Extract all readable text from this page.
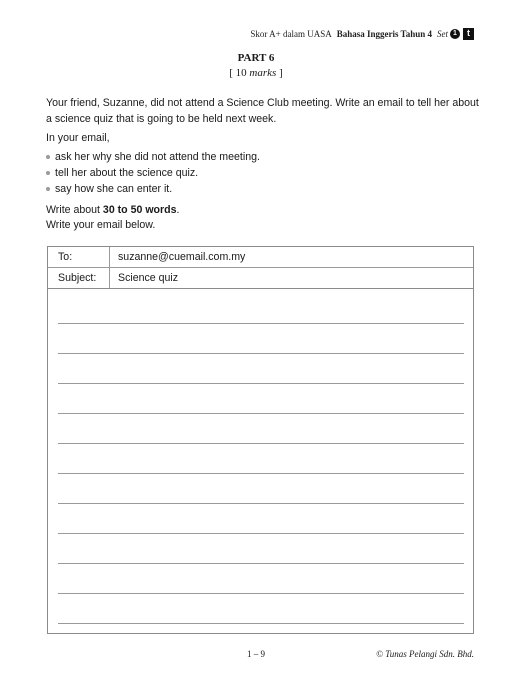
Skor A+ dalam UASA Bahasa Inggeris Tahun 4 Set 1	t
PART 6
[ 10 marks ]
Your friend, Suzanne, did not attend a Science Club meeting. Write an email to tell her about a science quiz that is going to be held next week.
In your email,
ask her why she did not attend the meeting.
tell her about the science quiz.
say how she can enter it.
Write about 30 to 50 words.
Write your email below.
To:	suzanne@cuemail.com.my
Subject: Science quiz
1 – 9	© Tunas Pelangi Sdn. Bhd.
